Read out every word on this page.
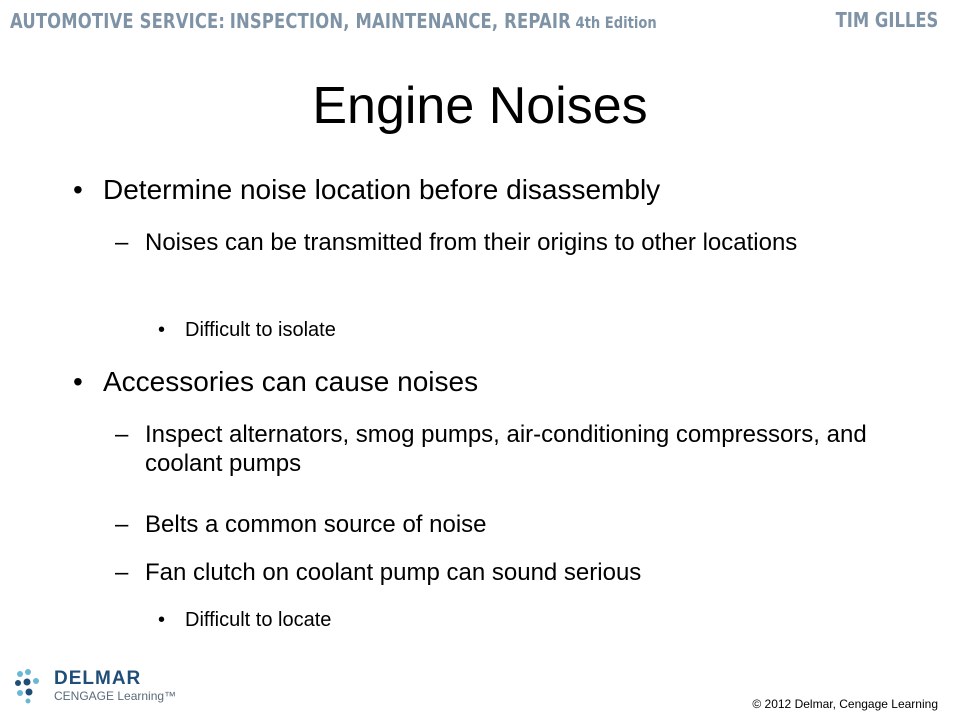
AUTOMOTIVE SERVICE: INSPECTION, MAINTENANCE, REPAIR 4th Edition	TIM GILLES
Engine Noises
• Determine noise location before disassembly
– Noises can be transmitted from their origins to other locations
• Difficult to isolate
• Accessories can cause noises
– Inspect alternators, smog pumps, air-conditioning compressors, and coolant pumps
– Belts a common source of noise
– Fan clutch on coolant pump can sound serious
• Difficult to locate
DELMAR
CENGAGE Learning™
© 2012 Delmar, Cengage Learning
